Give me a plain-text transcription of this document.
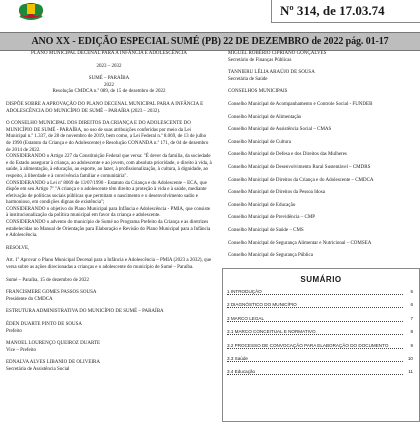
Nº 314, de 17.03.74
ANO XX - EDIÇÃO ESPECIAL SUMÉ (PB) 22 DE DEZEMBRO de 2022 pág. 01-17

PLANO MUNICIPAL DECENAL PARA A INFÂNCIA E ADOLESCÊNCIA

2023 – 2032

SUMÉ – PARAÍBA

2022

Resolução CMDCA n.º 089, de 15 de dezembro de 2022

DISPÕE SOBRE A APROVAÇÃO DO PLANO DECENAL MUNICIPAL PARA A INFÂNCIA E ADOLESCÊNCIA DO MUNICÍPIO DE SUMÉ – PARAÍBA (2023 – 2032).

O CONSELHO MUNICIPAL DOS DIREITOS DA CRIANÇA E DO ADOLESCENTE DO MUNICÍPIO DE SUMÉ - PARAÍBA, no uso de suas atribuições conferidas por meio da Lei Municipal n.º 1.337, de 28 de novembro de 2019, bem como, a Lei Federal n.º 8.069, de 13 de julho de 1990 (Estatuto da Criança e do Adolescente) e Resolução CONANDA n.º 171, de 04 de dezembro de 2014 de 2022.

CONSIDERANDO o Artigo 227 da Constituição Federal que versa: "É dever da família, da sociedade e do Estado assegurar à criança, ao adolescente e ao jovem, com absoluta prioridade, o direito à vida, à saúde, à alimentação, à educação, ao esporte, ao lazer, à profissionalização, à cultura, à dignidade, ao respeito, à liberdade e à convivência familiar e comunitária".

CONSIDERANDO a Lei nº 8069 de 13/07/1990 - Estatuto da Criança e do Adolescente – ECA, que dispõe em seu Artigo 7º "A criança e o adolescente têm direito a proteção à vida e à saúde, mediante efetivação de políticas sociais públicas que permitam o nascimento e o desenvolvimento sadio e harmonioso, em condições dignas de existência";

CONSIDERANDO o objetivo do Plano Municipal para Infância e Adolescência - PMIA, que consiste à institucionalização da política municipal em favor da criança e adolescente.

CONSIDERANDO o advento do município de Sumé no Programa Prefeito da Criança e as diretrizes estabelecidas no Manual de Orientação para Elaboração e Revisão do Plano Municipal para a Infância e Adolescência.

RESOLVE,

Art. 1º Aprovar o Plano Municipal Decenal para a Infância e Adolescência – PMIA (2023 a 2032), que versa sobre as ações direcionadas a crianças e o adolescente do município de Sumé – Paraíba.

Sumé – Paraíba, 15 de dezembro de 2022

FRANCISMERE GOMES PASSOS SOUSA

Presidente do CMDCA

ESTRUTURA ADMINISTRATIVA DO MUNICÍPIO DE SUMÉ – PARAÍBA

ÉDEN DUARTE PINTO DE SOUSA

Prefeito

MANOEL LOURENÇO QUEIROZ DUARTE

Vice – Prefeito

EDNALVA ALVES LIBANIO DE OLIVEIRA

Secretária de Assistência Social

MIGUEL ROBÉRIO CIPRIANO GONÇALVES

Secretário de Finanças Públicas

TANNIERU LÉLIA ARAÚJO DE SOUSA

Secretária de Saúde

CONSELHOS MUNICIPAIS

Conselho Municipal de Acompanhamento e Controle Social - FUNDEB
Conselho Municipal de Alimentação
Conselho Municipal de Assistência Social – CMAS
Conselho Municipal de Cultura
Conselho Municipal de Defesa e dos Direitos das Mulheres
Conselho Municipal de Desenvolvimento Rural Sustentável – CMDRS
Conselho Municipal de Direitos da Criança e do Adolescente – CMDCA
Conselho Municipal de Direitos da Pessoa Idosa
Conselho Municipal de Educação
Conselho Municipal de Previdência – CMP
Conselho Municipal de Saúde – CMS
Conselho Municipal de Segurança Alimentar e Nutricional – COMSEA
Conselho Municipal de Segurança Pública
SUMÁRIO
1 INTRODUÇÃO	5
2 DIAGNÓSTICO DO MUNICÍPIO	6
3 MARCO LEGAL	7
3.1 MARCO CONCEITUAL E NORMATIVO	8
3.2 PROCESSO DE CONVOCAÇÃO PARA ELABORAÇÃO DO DOCUMENTO	9
3.3 Saúde	10
3.4 Educação	11
